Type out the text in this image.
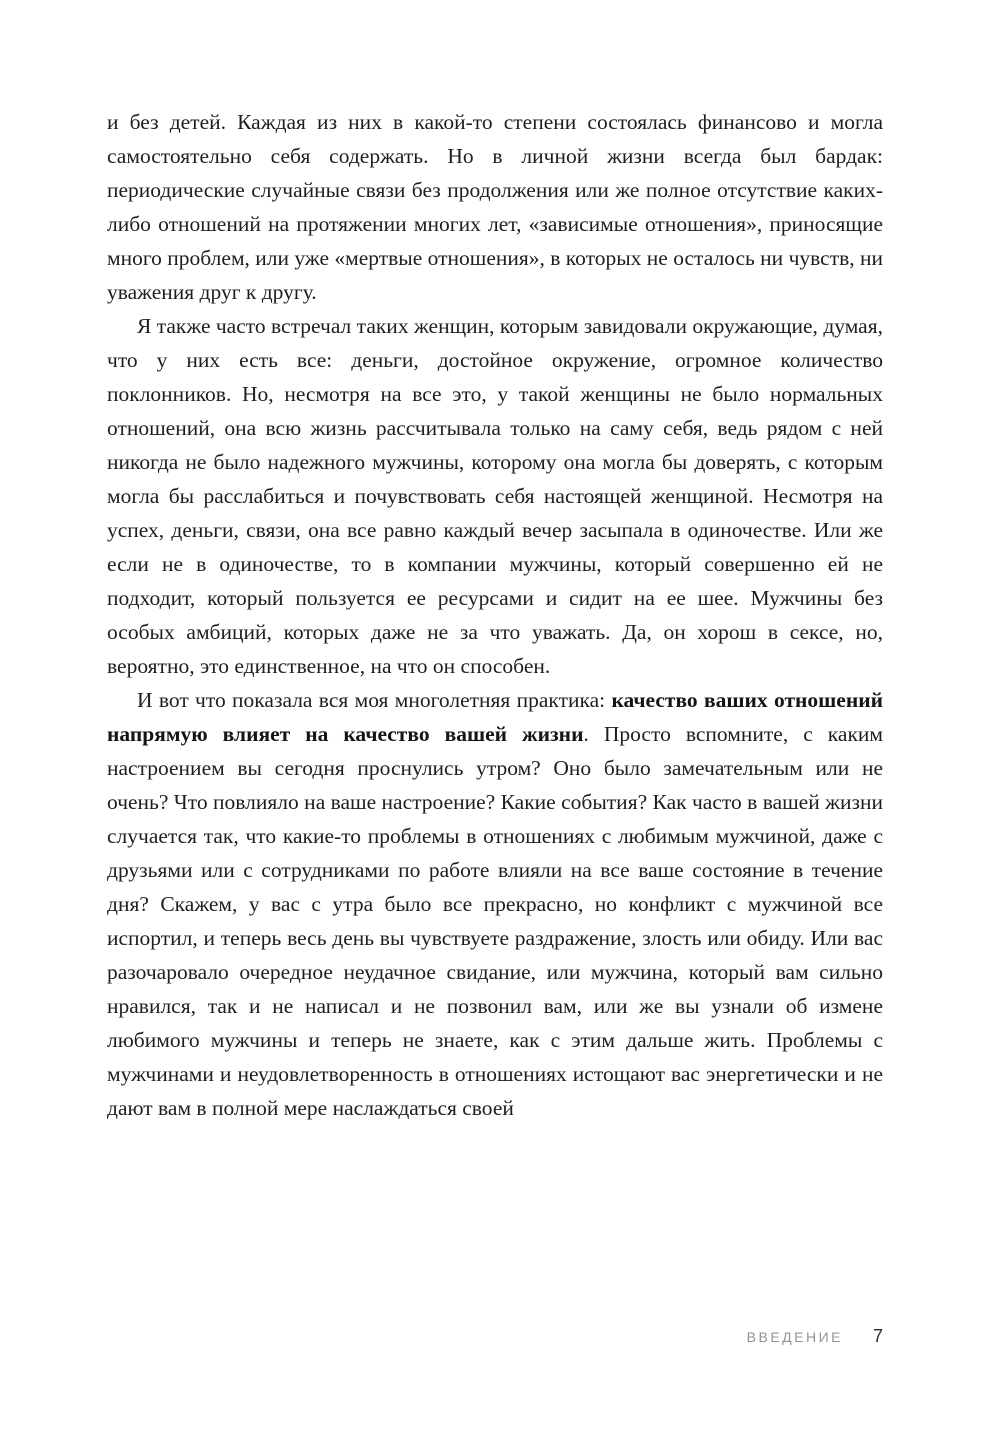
и без детей. Каждая из них в какой-то степени состоялась финансово и могла самостоятельно себя содержать. Но в личной жизни всегда был бардак: периодические случайные связи без продолжения или же полное отсутствие каких-либо отношений на протяжении многих лет, «зависимые отношения», приносящие много проблем, или уже «мертвые отношения», в которых не осталось ни чувств, ни уважения друг к другу.

Я также часто встречал таких женщин, которым завидовали окружающие, думая, что у них есть все: деньги, достойное окружение, огромное количество поклонников. Но, несмотря на все это, у такой женщины не было нормальных отношений, она всю жизнь рассчитывала только на саму себя, ведь рядом с ней никогда не было надежного мужчины, которому она могла бы доверять, с которым могла бы расслабиться и почувствовать себя настоящей женщиной. Несмотря на успех, деньги, связи, она все равно каждый вечер засыпала в одиночестве. Или же если не в одиночестве, то в компании мужчины, который совершенно ей не подходит, который пользуется ее ресурсами и сидит на ее шее. Мужчины без особых амбиций, которых даже не за что уважать. Да, он хорош в сексе, но, вероятно, это единственное, на что он способен.

И вот что показала вся моя многолетняя практика: качество ваших отношений напрямую влияет на качество вашей жизни. Просто вспомните, с каким настроением вы сегодня проснулись утром? Оно было замечательным или не очень? Что повлияло на ваше настроение? Какие события? Как часто в вашей жизни случается так, что какие-то проблемы в отношениях с любимым мужчиной, даже с друзьями или с сотрудниками по работе влияли на все ваше состояние в течение дня? Скажем, у вас с утра было все прекрасно, но конфликт с мужчиной все испортил, и теперь весь день вы чувствуете раздражение, злость или обиду. Или вас разочаровало очередное неудачное свидание, или мужчина, который вам сильно нравился, так и не написал и не позвонил вам, или же вы узнали об измене любимого мужчины и теперь не знаете, как с этим дальше жить. Проблемы с мужчинами и неудовлетворенность в отношениях истощают вас энергетически и не дают вам в полной мере наслаждаться своей

ВВЕДЕНИЕ 7
